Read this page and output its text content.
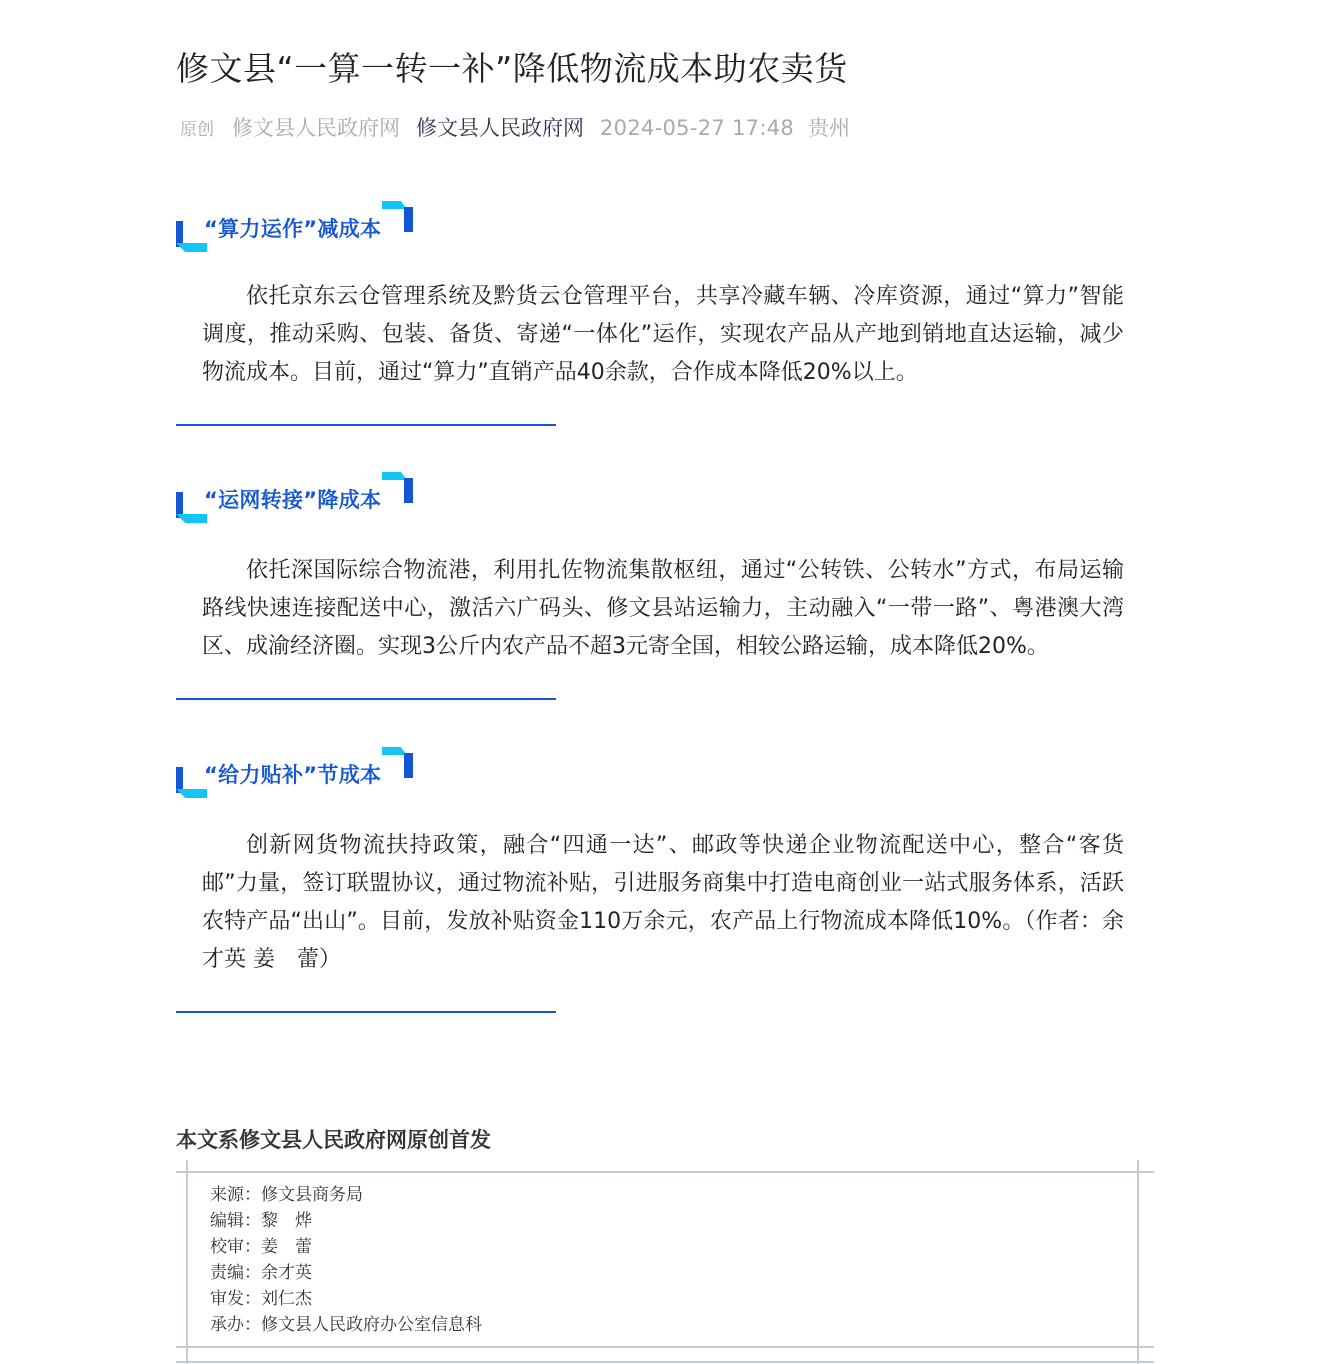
修文县“一算一转一补”降低物流成本助农卖货
原创 修文县人民政府网 修文县人民政府网 2024-05-27 17:48 贵州
“算力运作”减成本

依托京东云仓管理系统及黔货云仓管理平台，共享冷藏车辆、冷库资源，通过“算力”智能调度，推动采购、包装、备货、寄递“一体化”运作，实现农产品从产地到销地直达运输，减少物流成本。目前，通过“算力”直销产品40余款，合作成本降低20%以上。

“运网转接”降成本

依托深国际综合物流港，利用扎佐物流集散枢纽，通过“公转铁、公转水”方式，布局运输路线快速连接配送中心，激活六广码头、修文县站运输力，主动融入“一带一路”、粤港澳大湾区、成渝经济圈。实现3公斤内农产品不超3元寄全国，相较公路运输，成本降低20%。

“给力贴补”节成本

创新网货物流扶持政策，融合“四通一达”、邮政等快递企业物流配送中心，整合“客货邮”力量，签订联盟协议，通过物流补贴，引进服务商集中打造电商创业一站式服务体系，活跃农特产品“出山”。目前，发放补贴资金110万余元，农产品上行物流成本降低10%。（作者：余才英 姜　蕾）

本文系修文县人民政府网原创首发
来源：修文县商务局
编辑：黎　烨
校审：姜　蕾
责编：余才英
审发：刘仁杰
承办：修文县人民政府办公室信息科
